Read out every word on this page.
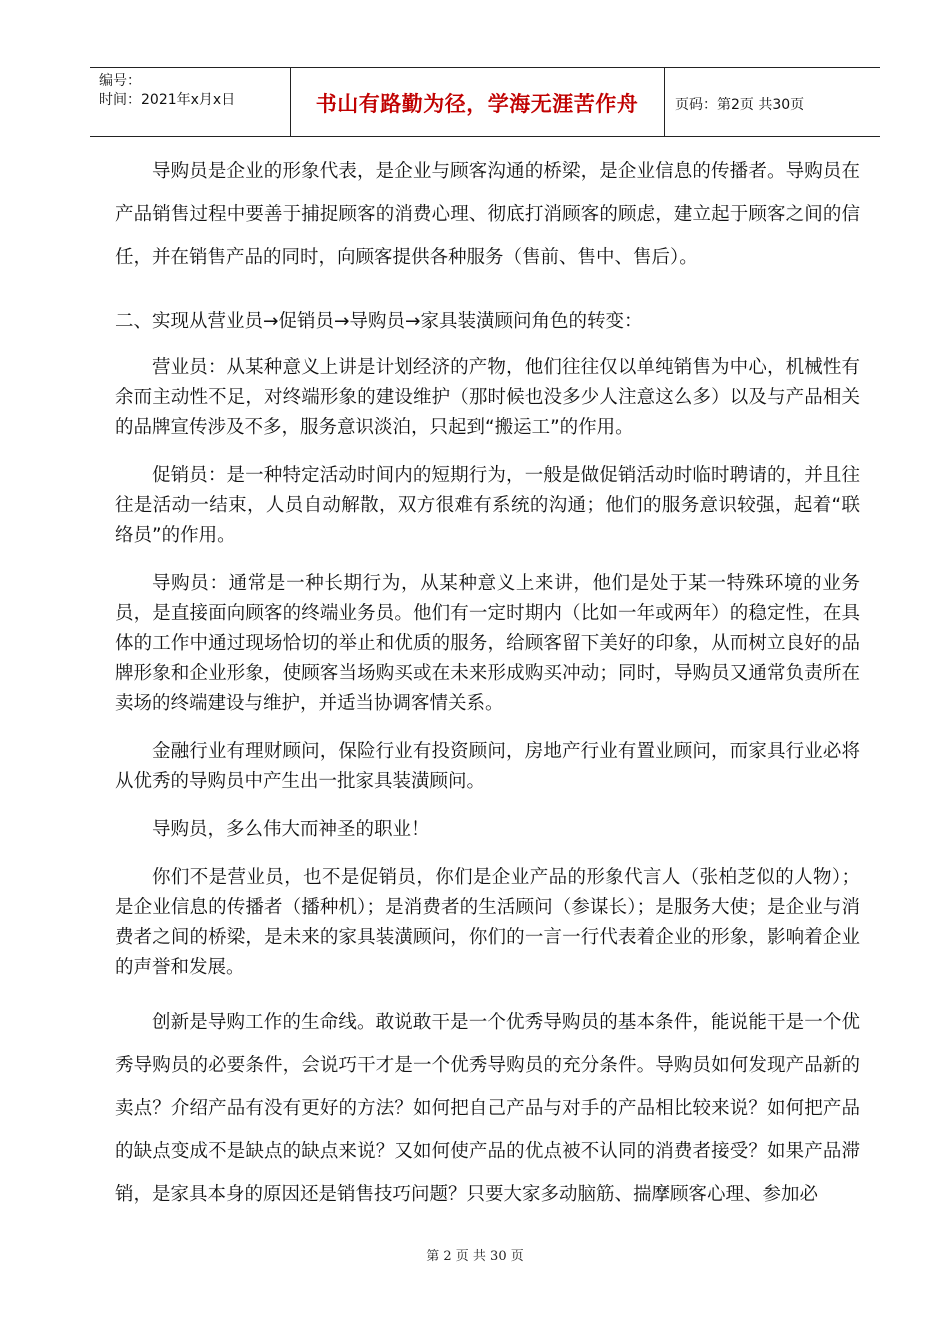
编号：
时间：2021年x月x日	书山有路勤为径，学海无涯苦作舟	页码：第2页 共30页

导购员是企业的形象代表，是企业与顾客沟通的桥梁，是企业信息的传播者。导购员在产品销售过程中要善于捕捉顾客的消费心理、彻底打消顾客的顾虑，建立起于顾客之间的信任，并在销售产品的同时，向顾客提供各种服务（售前、售中、售后）。

二、实现从营业员→促销员→导购员→家具装潢顾问角色的转变：

营业员：从某种意义上讲是计划经济的产物，他们往往仅以单纯销售为中心，机械性有余而主动性不足，对终端形象的建设维护（那时候也没多少人注意这么多）以及与产品相关的品牌宣传涉及不多，服务意识淡泊，只起到“搬运工”的作用。

促销员：是一种特定活动时间内的短期行为，一般是做促销活动时临时聘请的，并且往往是活动一结束，人员自动解散，双方很难有系统的沟通；他们的服务意识较强，起着“联络员”的作用。

导购员：通常是一种长期行为，从某种意义上来讲，他们是处于某一特殊环境的业务员，是直接面向顾客的终端业务员。他们有一定时期内（比如一年或两年）的稳定性，在具体的工作中通过现场恰切的举止和优质的服务，给顾客留下美好的印象，从而树立良好的品牌形象和企业形象，使顾客当场购买或在未来形成购买冲动；同时，导购员又通常负责所在卖场的终端建设与维护，并适当协调客情关系。

金融行业有理财顾问，保险行业有投资顾问，房地产行业有置业顾问，而家具行业必将从优秀的导购员中产生出一批家具装潢顾问。

导购员，多么伟大而神圣的职业！

你们不是营业员，也不是促销员，你们是企业产品的形象代言人（张柏芝似的人物）；是企业信息的传播者（播种机）；是消费者的生活顾问（参谋长）；是服务大使；是企业与消费者之间的桥梁，是未来的家具装潢顾问，你们的一言一行代表着企业的形象，影响着企业的声誉和发展。

创新是导购工作的生命线。敢说敢干是一个优秀导购员的基本条件，能说能干是一个优秀导购员的必要条件，会说巧干才是一个优秀导购员的充分条件。导购员如何发现产品新的卖点？介绍产品有没有更好的方法？如何把自己产品与对手的产品相比较来说？如何把产品的缺点变成不是缺点的缺点来说？又如何使产品的优点被不认同的消费者接受？如果产品滞销，是家具本身的原因还是销售技巧问题？只要大家多动脑筋、揣摩顾客心理、参加必

第 2 页 共 30 页
